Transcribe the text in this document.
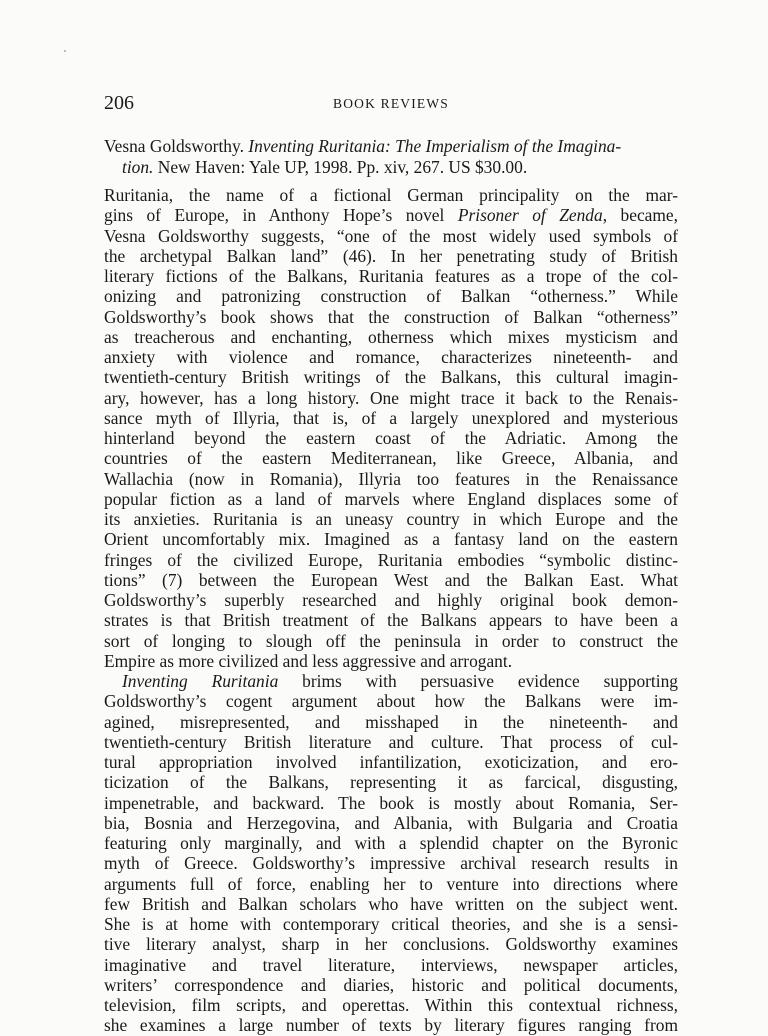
206	BOOK REVIEWS
Vesna Goldsworthy. Inventing Ruritania: The Imperialism of the Imagina-
tion. New Haven: Yale UP, 1998. Pp. xiv, 267. US $30.00.
Ruritania, the name of a fictional German principality on the mar-
gins of Europe, in Anthony Hope’s novel Prisoner of Zenda, became,
Vesna Goldsworthy suggests, “one of the most widely used symbols of
the archetypal Balkan land” (46). In her penetrating study of British
literary fictions of the Balkans, Ruritania features as a trope of the col-
onizing and patronizing construction of Balkan “otherness.” While
Goldsworthy’s book shows that the construction of Balkan “otherness”
as treacherous and enchanting, otherness which mixes mysticism and
anxiety with violence and romance, characterizes nineteenth- and
twentieth-century British writings of the Balkans, this cultural imagin-
ary, however, has a long history. One might trace it back to the Renais-
sance myth of Illyria, that is, of a largely unexplored and mysterious
hinterland beyond the eastern coast of the Adriatic. Among the
countries of the eastern Mediterranean, like Greece, Albania, and
Wallachia (now in Romania), Illyria too features in the Renaissance
popular fiction as a land of marvels where England displaces some of
its anxieties. Ruritania is an uneasy country in which Europe and the
Orient uncomfortably mix. Imagined as a fantasy land on the eastern
fringes of the civilized Europe, Ruritania embodies “symbolic distinc-
tions” (7) between the European West and the Balkan East. What
Goldsworthy’s superbly researched and highly original book demon-
strates is that British treatment of the Balkans appears to have been a
sort of longing to slough off the peninsula in order to construct the
Empire as more civilized and less aggressive and arrogant.
Inventing Ruritania brims with persuasive evidence supporting
Goldsworthy’s cogent argument about how the Balkans were im-
agined, misrepresented, and misshaped in the nineteenth- and
twentieth-century British literature and culture. That process of cul-
tural appropriation involved infantilization, exoticization, and ero-
ticization of the Balkans, representing it as farcical, disgusting,
impenetrable, and backward. The book is mostly about Romania, Ser-
bia, Bosnia and Herzegovina, and Albania, with Bulgaria and Croatia
featuring only marginally, and with a splendid chapter on the Byronic
myth of Greece. Goldsworthy’s impressive archival research results in
arguments full of force, enabling her to venture into directions where
few British and Balkan scholars who have written on the subject went.
She is at home with contemporary critical theories, and she is a sensi-
tive literary analyst, sharp in her conclusions. Goldsworthy examines
imaginative and travel literature, interviews, newspaper articles,
writers’ correspondence and diaries, historic and political documents,
television, film scripts, and operettas. Within this contextual richness,
she examines a large number of texts by literary figures ranging from
